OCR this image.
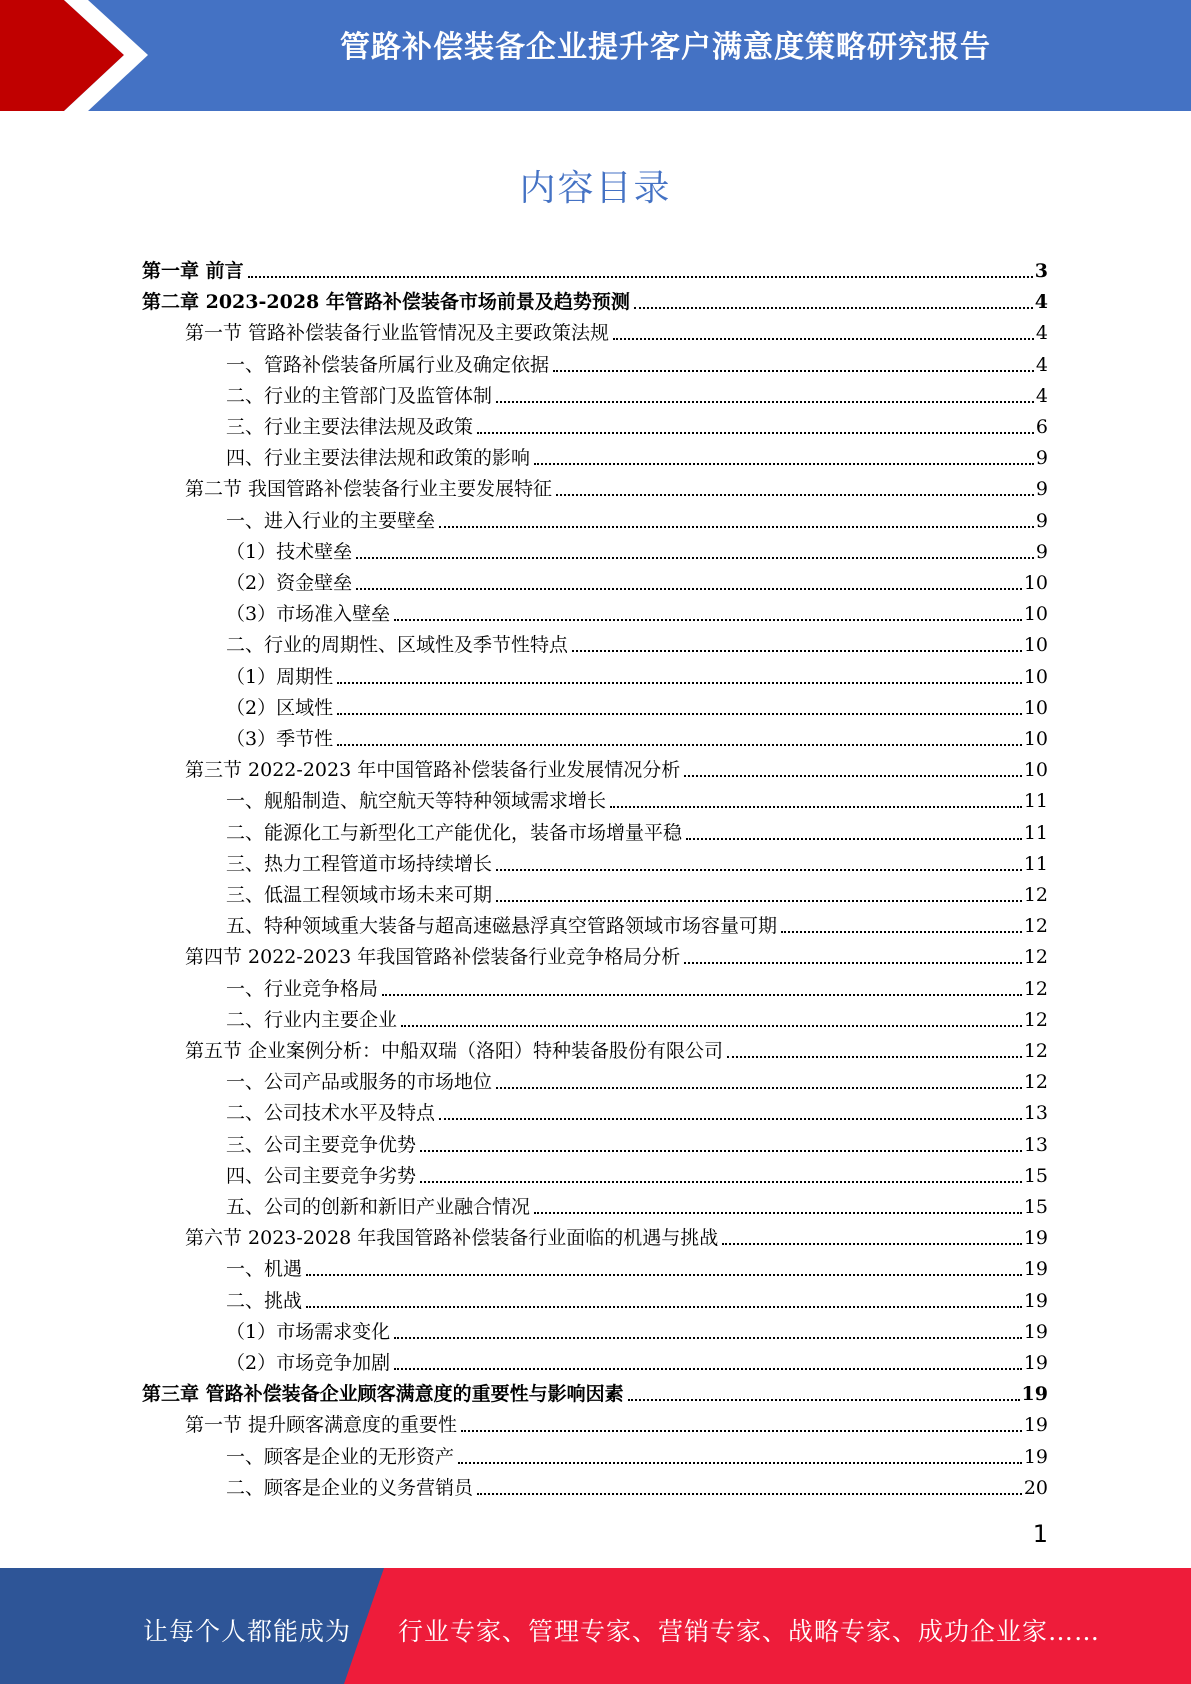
管路补偿装备企业提升客户满意度策略研究报告
内容目录
第一章 前言	3
第二章 2023-2028 年管路补偿装备市场前景及趋势预测	4
第一节 管路补偿装备行业监管情况及主要政策法规	4
一、管路补偿装备所属行业及确定依据	4
二、行业的主管部门及监管体制	4
三、行业主要法律法规及政策	6
四、行业主要法律法规和政策的影响	9
第二节 我国管路补偿装备行业主要发展特征	9
一、进入行业的主要壁垒	9
（1）技术壁垒	9
（2）资金壁垒	10
（3）市场准入壁垒	10
二、行业的周期性、区域性及季节性特点	10
（1）周期性	10
（2）区域性	10
（3）季节性	10
第三节 2022-2023 年中国管路补偿装备行业发展情况分析	10
一、舰船制造、航空航天等特种领域需求增长	11
二、能源化工与新型化工产能优化，装备市场增量平稳	11
三、热力工程管道市场持续增长	11
三、低温工程领域市场未来可期	12
五、特种领域重大装备与超高速磁悬浮真空管路领域市场容量可期	12
第四节 2022-2023 年我国管路补偿装备行业竞争格局分析	12
一、行业竞争格局	12
二、行业内主要企业	12
第五节 企业案例分析：中船双瑞（洛阳）特种装备股份有限公司	12
一、公司产品或服务的市场地位	12
二、公司技术水平及特点	13
三、公司主要竞争优势	13
四、公司主要竞争劣势	15
五、公司的创新和新旧产业融合情况	15
第六节 2023-2028 年我国管路补偿装备行业面临的机遇与挑战	19
一、机遇	19
二、挑战	19
（1）市场需求变化	19
（2）市场竞争加剧	19
第三章 管路补偿装备企业顾客满意度的重要性与影响因素	19
第一节 提升顾客满意度的重要性	19
一、顾客是企业的无形资产	19
二、顾客是企业的义务营销员	20
1
让每个人都能成为 行业专家、管理专家、营销专家、战略专家、成功企业家……
